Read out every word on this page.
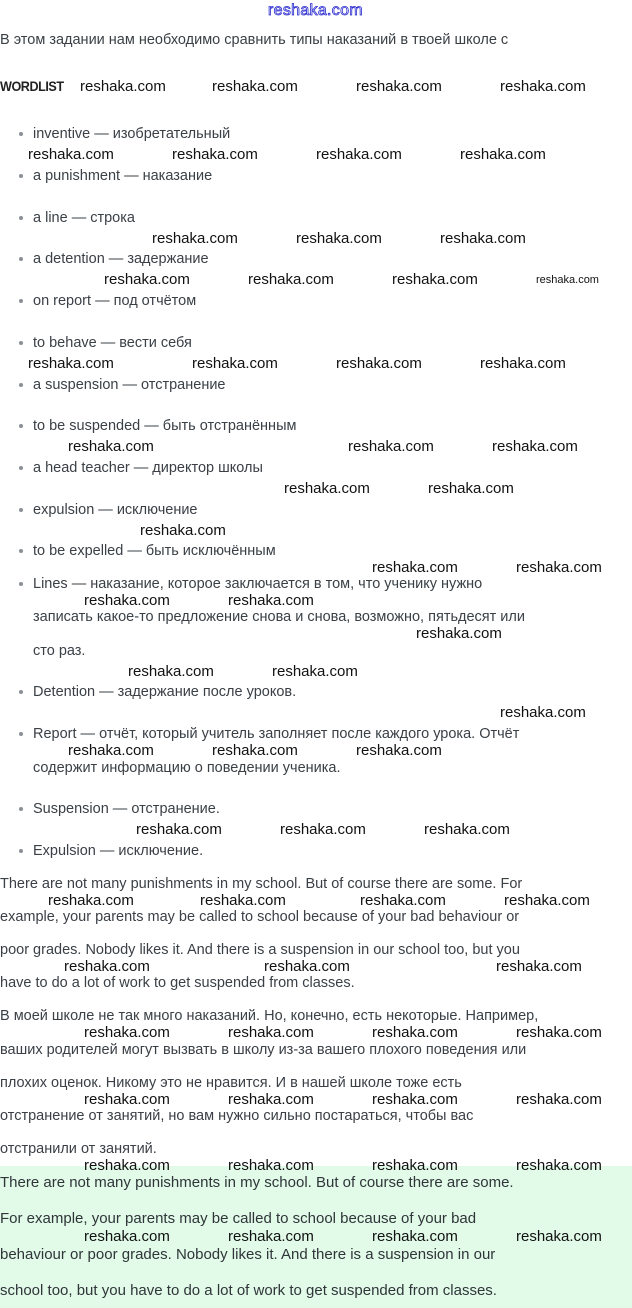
reshaka.com
В этом задании нам необходимо сравнить типы наказаний в твоей школе с
WORDLIST
inventive — изобретательный
a punishment — наказание
a line — строка
a detention — задержание
on report — под отчётом
to behave — вести себя
a suspension — отстранение
to be suspended — быть отстранённым
a head teacher — директор школы
expulsion — исключение
to be expelled — быть исключённым
Lines — наказание, которое заключается в том, что ученику нужно
записать какое-то предложение снова и снова, возможно, пятьдесят или
сто раз.
Detention — задержание после уроков.
Report — отчёт, который учитель заполняет после каждого урока. Отчёт
содержит информацию о поведении ученика.
Suspension — отстранение.
Expulsion — исключение.
There are not many punishments in my school. But of course there are some. For
example, your parents may be called to school because of your bad behaviour or
poor grades. Nobody likes it. And there is a suspension in our school too, but you
have to do a lot of work to get suspended from classes.
В моей школе не так много наказаний. Но, конечно, есть некоторые. Например,
ваших родителей могут вызвать в школу из-за вашего плохого поведения или
плохих оценок. Никому это не нравится. И в нашей школе тоже есть
отстранение от занятий, но вам нужно сильно постараться, чтобы вас
отстранили от занятий.
There are not many punishments in my school. But of course there are some.
For example, your parents may be called to school because of your bad
behaviour or poor grades. Nobody likes it. And there is a suspension in our
school too, but you have to do a lot of work to get suspended from classes.
reshaka.com	reshaka.com	reshaka.com	reshaka.com
reshaka.com	reshaka.com	reshaka.com	reshaka.com
reshaka.com	reshaka.com	reshaka.com
reshaka.com	reshaka.com	reshaka.com
reshaka.com	reshaka.com
reshaka.com	reshaka.com
reshaka.com	reshaka.com
reshaka.com
reshaka.com	reshaka.com
reshaka.com
reshaka.com	reshaka.com
reshaka.com
reshaka.com
reshaka.com
reshaka.com
reshaka.com
reshaka.com
reshaka.com
reshaka.com	reshaka.com
reshaka.com
reshaka.com
reshaka.com
reshaka.com	reshaka.com	reshaka.com	reshaka.com
reshaka.com	reshaka.com	reshaka.com
reshaka.com	reshaka.com	reshaka.com	reshaka.com
reshaka.com	reshaka.com	reshaka.com	reshaka.com
reshaka.com	reshaka.com	reshaka.com	reshaka.com
reshaka.com	reshaka.com	reshaka.com	reshaka.com
reshaka.com
